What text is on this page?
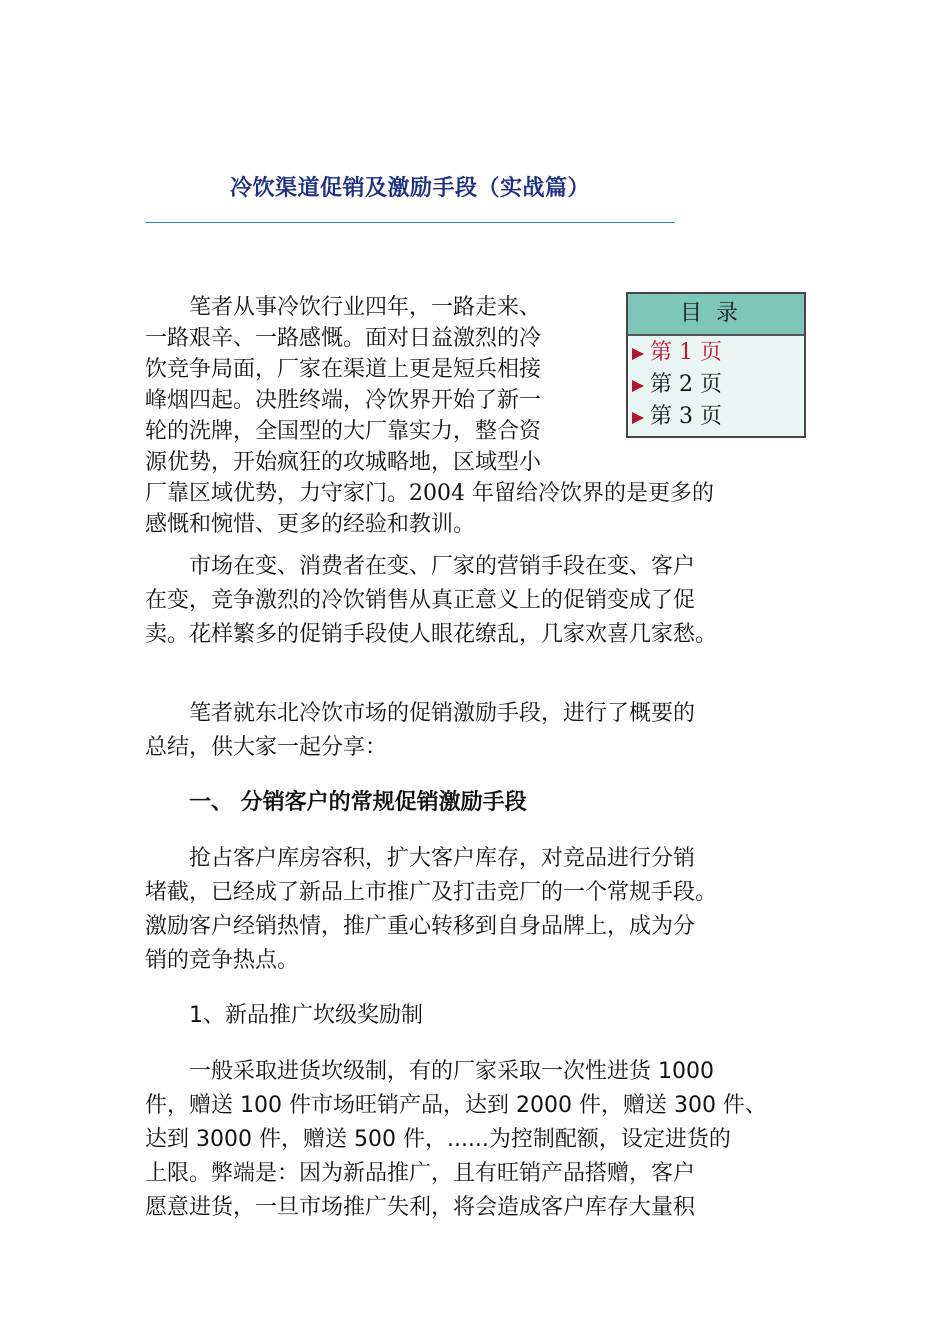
冷饮渠道促销及激励手段（实战篇）
　　笔者从事冷饮行业四年，一路走来、
一路艰辛、一路感慨。面对日益激烈的冷
饮竞争局面，厂家在渠道上更是短兵相接
峰烟四起。决胜终端，冷饮界开始了新一
轮的洗牌，全国型的大厂靠实力，整合资
源优势，开始疯狂的攻城略地，区域型小
厂靠区域优势，力守家门。2004 年留给冷饮界的是更多的
感慨和惋惜、更多的经验和教训。
目录
第 1 页
第 2 页
第 3 页
　　市场在变、消费者在变、厂家的营销手段在变、客户
在变，竞争激烈的冷饮销售从真正意义上的促销变成了促
卖。花样繁多的促销手段使人眼花缭乱，几家欢喜几家愁。
　　笔者就东北冷饮市场的促销激励手段，进行了概要的
总结，供大家一起分享：
　　一、 分销客户的常规促销激励手段
　　抢占客户库房容积，扩大客户库存，对竞品进行分销
堵截，已经成了新品上市推广及打击竞厂的一个常规手段。
激励客户经销热情，推广重心转移到自身品牌上，成为分
销的竞争热点。
　　1、新品推广坎级奖励制
　　一般采取进货坎级制，有的厂家采取一次性进货 1000
件，赠送 100 件市场旺销产品，达到 2000 件，赠送 300 件、
达到 3000 件，赠送 500 件，......为控制配额，设定进货的
上限。弊端是：因为新品推广，且有旺销产品搭赠，客户
愿意进货，一旦市场推广失利，将会造成客户库存大量积
